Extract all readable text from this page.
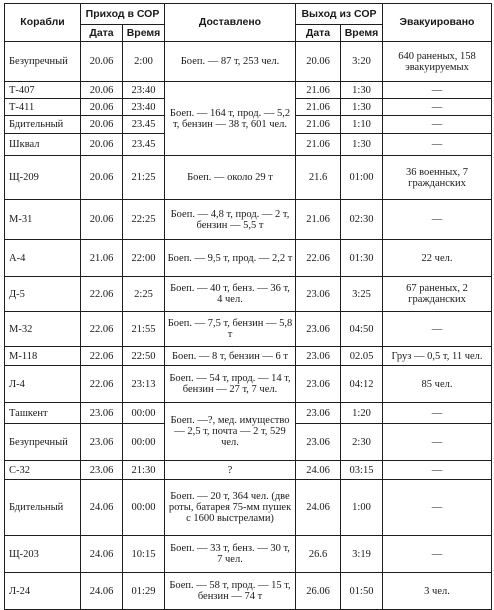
Корабли	Приход в СОР		Доставлено	Выход из СОР		Эвакуировано
	Дата	Время		Дата	Время	
Безупречный	20.06	2:00	Боеп. — 87 т, 253 чел.	20.06	3:20	640 раненых, 158 эвакуируемых
Т-407	20.06	23:40	Боеп. — 164 т, прод. — 5,2 т, бензин — 38 т, 601 чел.	21.06	1:30	—
Т-411	20.06	23:40		21.06	1:30	—
Бдительный	20.06	23.45		21.06	1:10	—
Шквал	20.06	23.45		21.06	1:30	—
Щ-209	20.06	21:25	Боеп. — около 29 т	21.6	01:00	36 военных, 7 гражданских
М-31	20.06	22:25	Боеп. — 4,8 т, прод. — 2 т, бензин — 5,5 т	21.06	02:30	—
А-4	21.06	22:00	Боеп. — 9,5 т, прод. — 2,2 т	22.06	01:30	22 чел.
Д-5	22.06	2:25	Боеп. — 40 т, бенз. — 36 т, 4 чел.	23.06	3:25	67 раненых, 2 гражданских
М-32	22.06	21:55	Боеп. — 7,5 т, бензин — 5,8 т	23.06	04:50	—
М-118	22.06	22:50	Боеп. — 8 т, бензин — 6 т	23.06	02.05	Груз — 0,5 т, 11 чел.
Л-4	22.06	23:13	Боеп. — 54 т, прод. — 14 т, бензин — 27 т, 7 чел.	23.06	04:12	85 чел.
Ташкент	23.06	00:00	Боеп. —?, мед. имущество — 2,5 т, почта — 2 т, 529 чел.	23.06	1:20	—
Безупречный	23.06	00:00		23.06	2:30	—
С-32	23.06	21:30	?	24.06	03:15	—
Бдительный	24.06	00:00	Боеп. — 20 т, 364 чел. (две роты, батарея 75-мм пушек с 1600 выстрелами)	24.06	1:00	—
Щ-203	24.06	10:15	Боеп. — 33 т, бенз. — 30 т, 7 чел.	26.6	3:19	—
Л-24	24.06	01:29	Боеп. — 58 т, прод. — 15 т, бензин — 74 т	26.06	01:50	3 чел.
